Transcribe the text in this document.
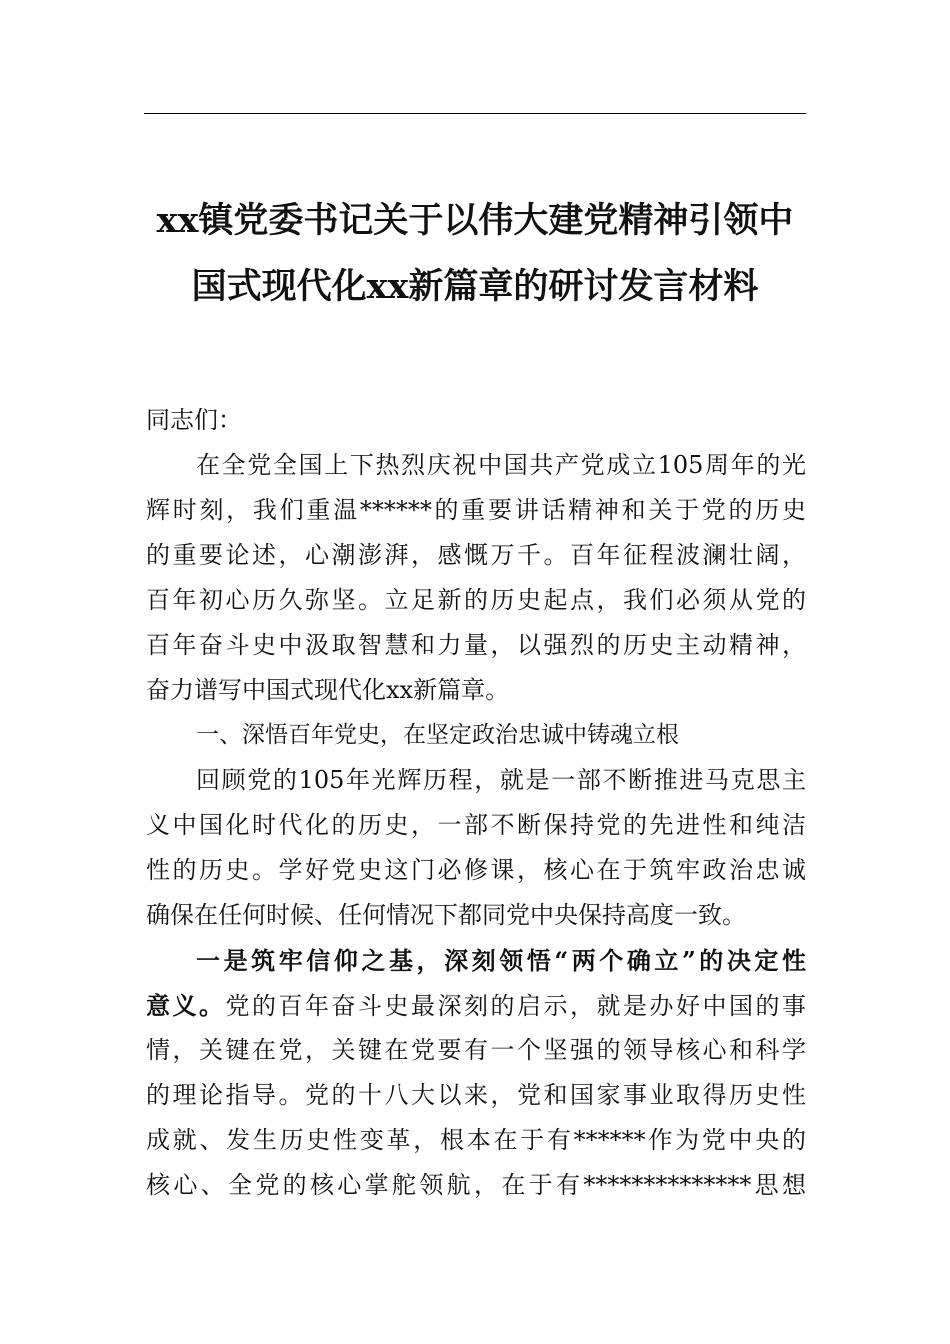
xx镇党委书记关于以伟大建党精神引领中
国式现代化xx新篇章的研讨发言材料
同志们：
在全党全国上下热烈庆祝中国共产党成立105周年的光
辉时刻，我们重温******的重要讲话精神和关于党的历史
的重要论述，心潮澎湃，感慨万千。百年征程波澜壮阔，
百年初心历久弥坚。立足新的历史起点，我们必须从党的
百年奋斗史中汲取智慧和力量，以强烈的历史主动精神，
奋力谱写中国式现代化xx新篇章。
一、深悟百年党史，在坚定政治忠诚中铸魂立根
回顾党的105年光辉历程，就是一部不断推进马克思主
义中国化时代化的历史，一部不断保持党的先进性和纯洁
性的历史。学好党史这门必修课，核心在于筑牢政治忠诚
确保在任何时候、任何情况下都同党中央保持高度一致。
一是筑牢信仰之基，深刻领悟“两个确立”的决定性
意义。党的百年奋斗史最深刻的启示，就是办好中国的事
情，关键在党，关键在党要有一个坚强的领导核心和科学
的理论指导。党的十八大以来，党和国家事业取得历史性
成就、发生历史性变革，根本在于有******作为党中央的
核心、全党的核心掌舵领航，在于有**************思想
